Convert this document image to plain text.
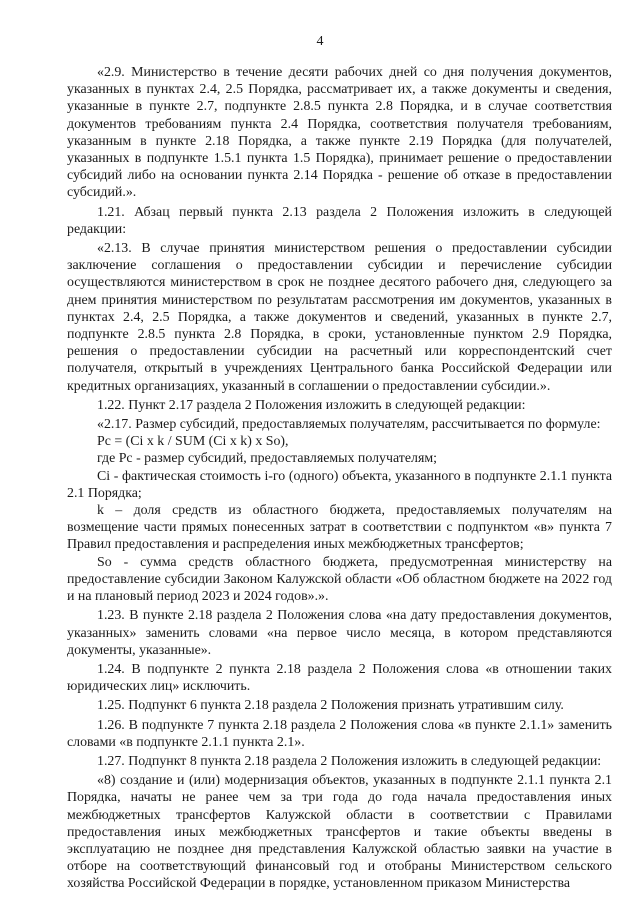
4

«2.9. Министерство в течение десяти рабочих дней со дня получения документов, указанных в пунктах 2.4, 2.5 Порядка, рассматривает их, а также документы и сведения, указанные в пункте 2.7, подпункте 2.8.5 пункта 2.8 Порядка, и в случае соответствия документов требованиям пункта 2.4 Порядка, соответствия получателя требованиям, указанным в пункте 2.18 Порядка, а также пункте 2.19 Порядка (для получателей, указанных в подпункте 1.5.1 пункта 1.5 Порядка), принимает решение о предоставлении субсидий либо на основании пункта 2.14 Порядка - решение об отказе в предоставлении субсидий.».

1.21. Абзац первый пункта 2.13 раздела 2 Положения изложить в следующей редакции:

«2.13. В случае принятия министерством решения о предоставлении субсидии заключение соглашения о предоставлении субсидии и перечисление субсидии осуществляются министерством в срок не позднее десятого рабочего дня, следующего за днем принятия министерством по результатам рассмотрения им документов, указанных в пунктах 2.4, 2.5 Порядка, а также документов и сведений, указанных в пункте 2.7, подпункте 2.8.5 пункта 2.8 Порядка, в сроки, установленные пунктом 2.9 Порядка, решения о предоставлении субсидии на расчетный или корреспондентский счет получателя, открытый в учреждениях Центрального банка Российской Федерации или кредитных организациях, указанный в соглашении о предоставлении субсидии.».

1.22. Пункт 2.17 раздела 2 Положения изложить в следующей редакции:

«2.17. Размер субсидий, предоставляемых получателям, рассчитывается по формуле:

Рс = (Ci x k / SUM (Ci x k) x So),

где Рс - размер субсидий, предоставляемых получателям;

Ci - фактическая стоимость i-го (одного) объекта, указанного в подпункте 2.1.1 пункта 2.1 Порядка;

k – доля средств из областного бюджета, предоставляемых получателям на возмещение части прямых понесенных затрат в соответствии с подпунктом «в» пункта 7 Правил предоставления и распределения иных межбюджетных трансфертов;

So - сумма средств областного бюджета, предусмотренная министерству на предоставление субсидии Законом Калужской области «Об областном бюджете на 2022 год и на плановый период 2023 и 2024 годов».».

1.23. В пункте 2.18 раздела 2 Положения слова «на дату предоставления документов, указанных» заменить словами «на первое число месяца, в котором представляются документы, указанные».

1.24. В подпункте 2 пункта 2.18 раздела 2 Положения слова «в отношении таких юридических лиц» исключить.

1.25. Подпункт 6 пункта 2.18 раздела 2 Положения признать утратившим силу.

1.26. В подпункте 7 пункта 2.18 раздела 2 Положения слова «в пункте 2.1.1» заменить словами «в подпункте 2.1.1 пункта 2.1».

1.27. Подпункт 8 пункта 2.18 раздела 2 Положения изложить в следующей редакции:

«8) создание и (или) модернизация объектов, указанных в подпункте 2.1.1 пункта 2.1 Порядка, начаты не ранее чем за три года до года начала предоставления иных межбюджетных трансфертов Калужской области в соответствии с Правилами предоставления иных межбюджетных трансфертов и такие объекты введены в эксплуатацию не позднее дня представления Калужской областью заявки на участие в отборе на соответствующий финансовый год и отобраны Министерством сельского хозяйства Российской Федерации в порядке, установленном приказом Министерства
